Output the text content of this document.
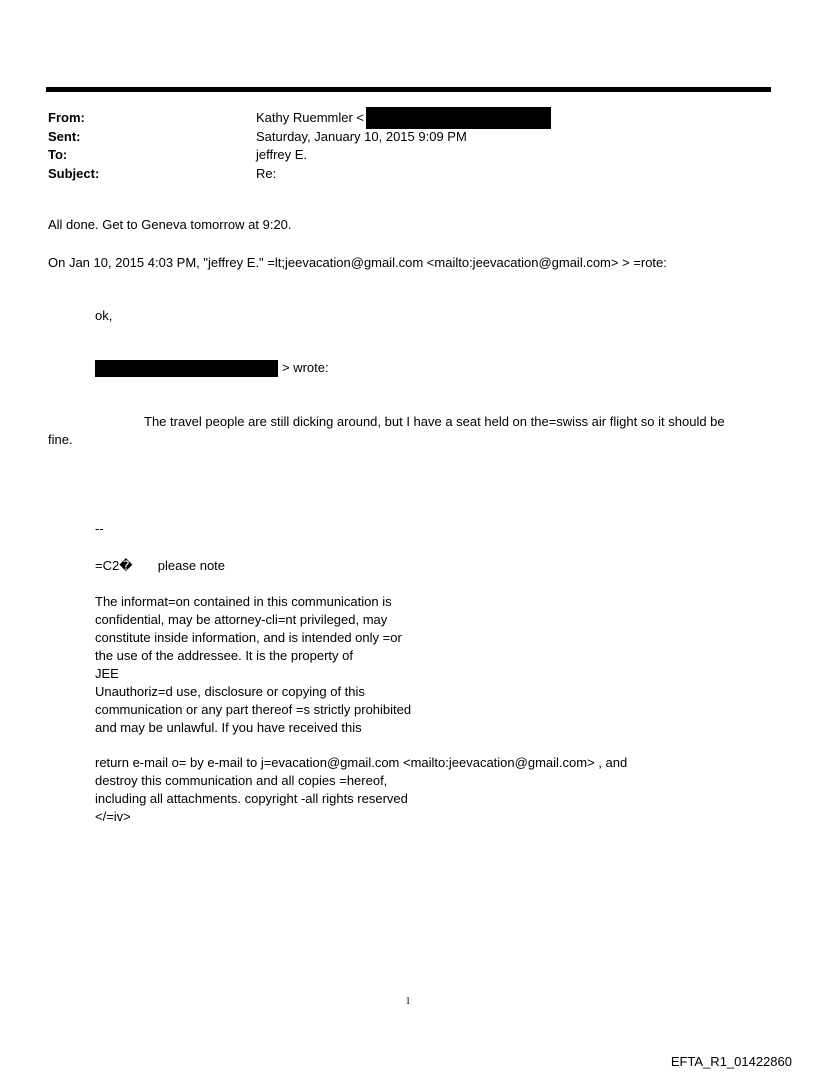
From:	Kathy Ruemmler <
Sent:	Saturday, January 10, 2015 9:09 PM
To:	jeffrey E.
Subject:	Re:
All done. Get to Geneva tomorrow at 9:20.
On Jan 10, 2015 4:03 PM, "jeffrey E." =lt;jeevacation@gmail.com <mailto:jeevacation@gmail.com> > =rote:
ok,
> wrote:
The travel people are still dicking around, but I have a seat held on the=swiss air flight so it should be
fine.
--
=C2� please note
The informat=on contained in this communication is
confidential, may be attorney-cli=nt privileged, may
constitute inside information, and is intended only =or
the use of the addressee. It is the property of
JEE
Unauthoriz=d use, disclosure or copying of this
communication or any part thereof =s strictly prohibited
and may be unlawful. If you have received this
return e-mail o= by e-mail to j=evacation@gmail.com <mailto:jeevacation@gmail.com> , and
destroy this communication and all copies =hereof,
including all attachments. copyright -all rights reserved
</=iv>
1
EFTA_R1_01422860
